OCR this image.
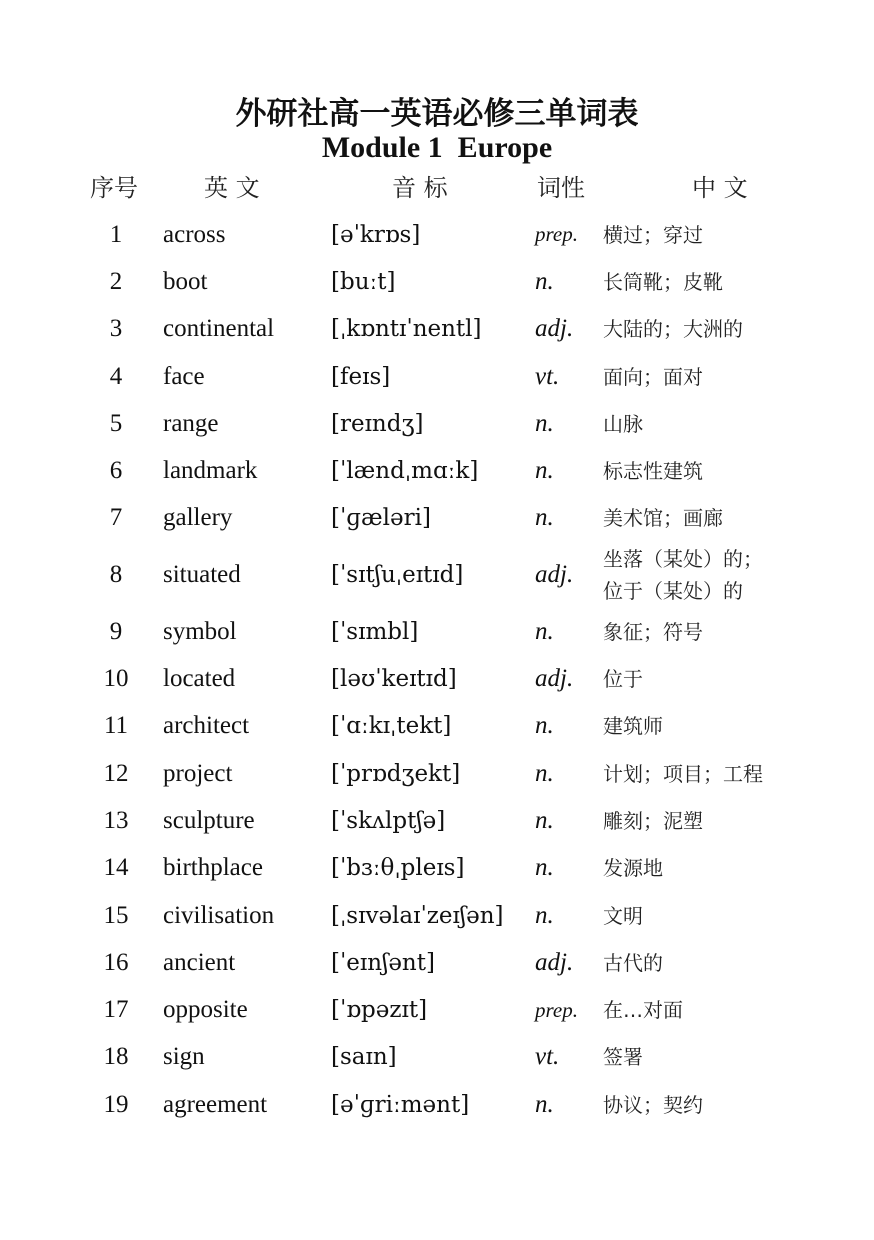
外研社高一英语必修三单词表
Module 1  Europe
序号	英 文	音 标	词性	中 文
1	across	[əˈkrɒs]	prep. 横过；穿过
2	boot	[buːt]	n. 长筒靴；皮靴
3	continental [ˌkɒntɪˈnentl] adj. 大陆的；大洲的
4	face	[feɪs]	vt. 面向；面对
5	range	[reɪndʒ]	n. 山脉
6	landmark	[ˈlændˌmɑːk] n. 标志性建筑
7	gallery	[ˈɡæləri]	n. 美术馆；画廊
8	situated	[ˈsɪtʃuˌeɪtɪd]	adj.
坐落（某处）的；
位于（某处）的
9	symbol	[ˈsɪmbl]	n. 象征；符号
10	located	[ləʊˈkeɪtɪd]	adj. 位于
11	architect	[ˈɑːkɪˌtekt]	n. 建筑师
12	project	[ˈprɒdʒekt]	n. 计划；项目；工程
13	sculpture	[ˈskʌlptʃə]	n. 雕刻；泥塑
14	birthplace	[ˈbɜːθˌpleɪs]	n. 发源地
15	civilisation [ˌsɪvəlaɪˈzeɪʃən] n. 文明
16	ancient	[ˈeɪnʃənt]	adj. 古代的
17	opposite	[ˈɒpəzɪt]	prep. 在…对面
18	sign	[saɪn]	vt. 签署
19	agreement	[əˈɡriːmənt]	n. 协议；契约
